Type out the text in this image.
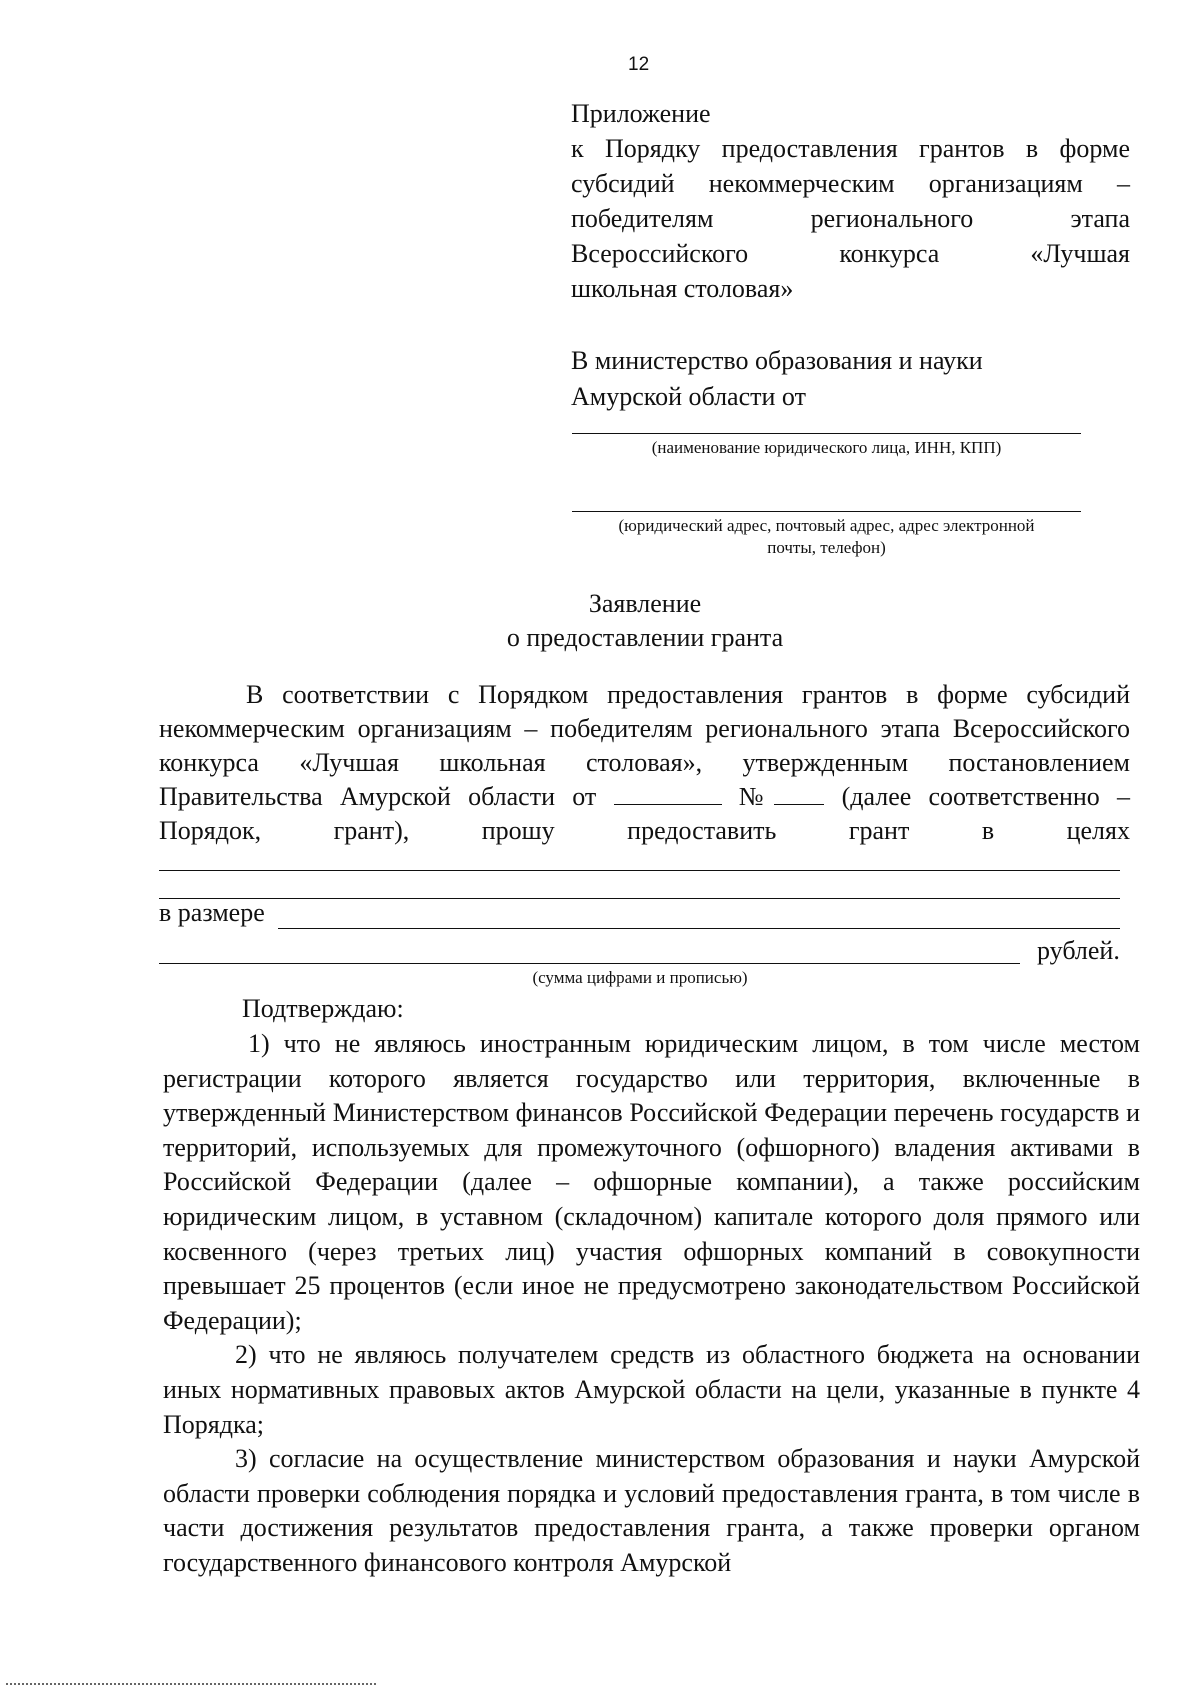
12
Приложение
к Порядку предоставления грантов в форме
субсидий некоммерческим организациям –
победителям регионального этапа
Всероссийского конкурса «Лучшая
школьная столовая»
В министерство образования и науки
Амурской области от
(наименование юридического лица, ИНН, КПП)
(юридический адрес, почтовый адрес, адрес электронной
почты, телефон)
Заявление
о предоставлении гранта
В соответствии с Порядком предоставления грантов в форме субсидий некоммерческим организациям – победителям регионального этапа Всероссийского конкурса «Лучшая школьная столовая», утвержденным постановлением Правительства Амурской области от	№	(далее соответственно – Порядок, грант), прошу предоставить грант в целях
в размере
рублей.
(сумма цифрами и прописью)
Подтверждаю:

1) что не являюсь иностранным юридическим лицом, в том числе местом регистрации которого является государство или территория, включенные в утвержденный Министерством финансов Российской Федерации перечень государств и территорий, используемых для промежуточного (офшорного) владения активами в Российской Федерации (далее – офшорные компании), а также российским юридическим лицом, в уставном (складочном) капитале которого доля прямого или косвенного (через третьих лиц) участия офшорных компаний в совокупности превышает 25 процентов (если иное не предусмотрено законодательством Российской Федерации);

2) что не являюсь получателем средств из областного бюджета на основании иных нормативных правовых актов Амурской области на цели, указанные в пункте 4 Порядка;

3) согласие на осуществление министерством образования и науки Амурской области проверки соблюдения порядка и условий предоставления гранта, в том числе в части достижения результатов предоставления гранта, а также проверки органом государственного финансового контроля Амурской
